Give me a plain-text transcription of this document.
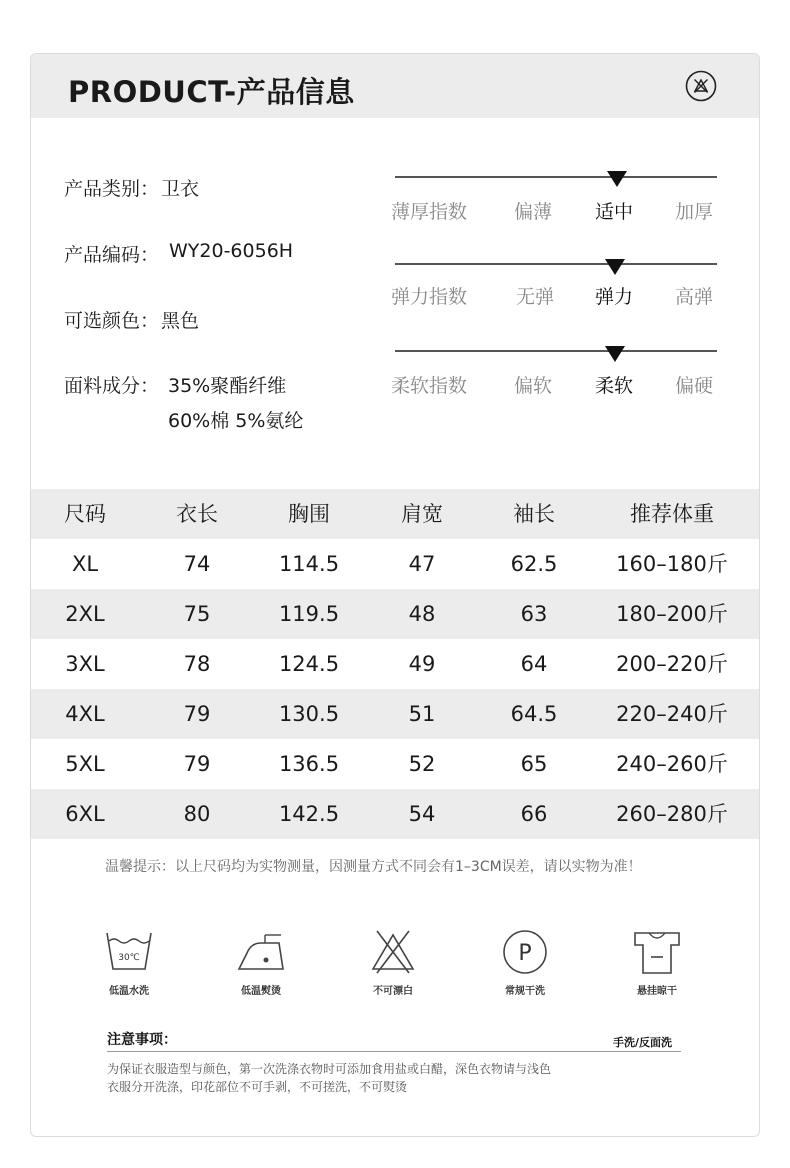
PRODUCT-产品信息
产品类别： 卫衣
产品编码： WY20-6056H
可选颜色： 黑色
面料成分： 35%聚酯纤维
60%棉 5%氨纶
薄厚指数 偏薄 适中 加厚
弹力指数	无弹 弹力 高弹
柔软指数 偏软 柔软 偏硬
尺码	衣长	胸围	肩宽	袖长	推荐体重
XL	74	114.5	47	62.5	160–180斤
2XL	75	119.5	48	63	180–200斤
3XL	78	124.5	49	64	200–220斤
4XL	79	130.5	51	64.5	220–240斤
5XL	79	136.5	52	65	240–260斤
6XL	80	142.5	54	66	260–280斤
温馨提示：以上尺码均为实物测量，因测量方式不同会有1–3CM误差，请以实物为准！
30℃
低温水洗	低温熨烫	不可漂白
P
常规干洗	悬挂晾干
注意事项：	手洗/反面洗
为保证衣服造型与颜色，第一次洗涤衣物时可添加食用盐或白醋，深色衣物请与浅色
衣服分开洗涤，印花部位不可手剥，不可搓洗，不可熨烫
